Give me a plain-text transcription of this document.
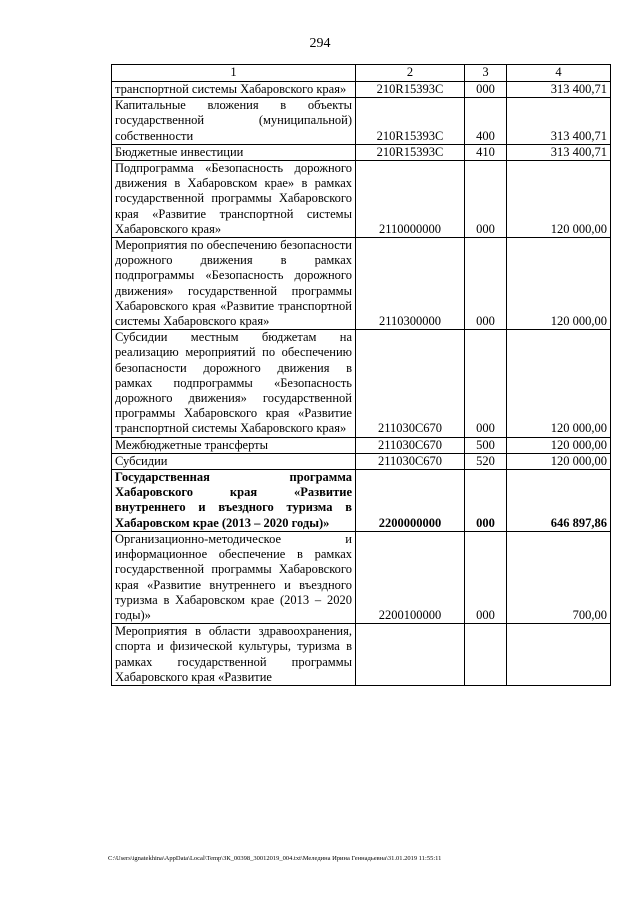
294
1	2	3	4
транспортной системы Хабаровского края»	210R15393C	000	313 400,71
Капитальные вложения в объекты государственной (муниципальной) собственности	210R15393C	400	313 400,71
Бюджетные инвестиции	210R15393C	410	313 400,71
Подпрограмма «Безопасность дорожного движения в Хабаровском крае» в рамках государственной программы Хабаровского края «Развитие транспортной системы Хабаровского края»	2110000000	000	120 000,00
Мероприятия по обеспечению безопасности дорожного движения в рамках подпрограммы «Безопасность дорожного движения» государственной программы Хабаровского края «Развитие транспортной системы Хабаровского края»	2110300000	000	120 000,00
Субсидии местным бюджетам на реализацию мероприятий по обеспечению безопасности дорожного движения в рамках подпрограммы «Безопасность дорожного движения» государственной программы Хабаровского края «Развитие транспортной системы Хабаровского края»	211030С670	000	120 000,00
Межбюджетные трансферты	211030С670	500	120 000,00
Субсидии	211030С670	520	120 000,00
Государственная программа Хабаровского края «Развитие внутреннего и въездного туризма в Хабаровском крае (2013 – 2020 годы)»	2200000000	000	646 897,86
Организационно-методическое и информационное обеспечение в рамках государственной программы Хабаровского края «Развитие внутреннего и въездного туризма в Хабаровском крае (2013 – 2020 годы)»	2200100000	000	700,00
Мероприятия в области здравоохранения, спорта и физической культуры, туризма в рамках государственной программы Хабаровского края «Развитие			
C:\Users\ignatekhina\AppData\Local\Temp\ЗК_00398_30012019_004.txt\Меледина Ирина Геннадьевна\31.01.2019 11:55:11
